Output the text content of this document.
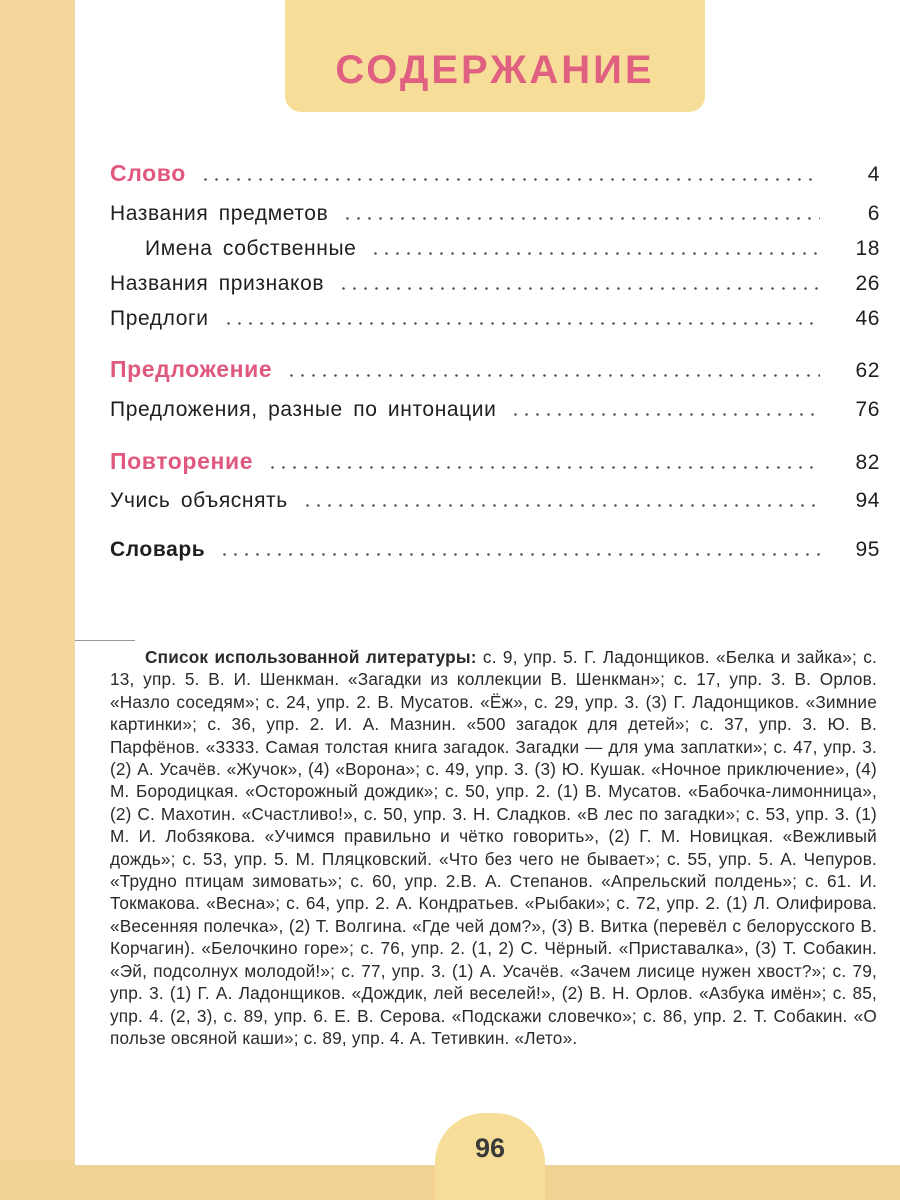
СОДЕРЖАНИЕ
Слово	4
Названия предметов	6
Имена собственные	18
Названия признаков	26
Предлоги	46
Предложение	62
Предложения, разные по интонации	76
Повторение	82
Учись объяснять	94
Словарь	95
Список использованной литературы: с. 9, упр. 5. Г. Ладонщиков. «Белка и зайка»; с. 13, упр. 5. В. И. Шенкман. «Загадки из коллекции В. Шенкман»; с. 17, упр. 3. В. Орлов. «Назло соседям»; с. 24, упр. 2. В. Мусатов. «Ёж», с. 29, упр. 3. (3) Г. Ладонщиков. «Зимние картинки»; с. 36, упр. 2. И. А. Мазнин. «500 загадок для детей»; с. 37, упр. 3. Ю. В. Парфёнов. «3333. Самая толстая книга загадок. Загадки — для ума заплатки»; с. 47, упр. 3. (2) А. Усачёв. «Жучок», (4) «Ворона»; с. 49, упр. 3. (3) Ю. Кушак. «Ночное приключение», (4) М. Бородицкая. «Осторожный дождик»; с. 50, упр. 2. (1) В. Мусатов. «Бабочка-лимонница», (2) С. Махотин. «Счастливо!», с. 50, упр. 3. Н. Сладков. «В лес по загадки»; с. 53, упр. 3. (1) М. И. Лобзякова. «Учимся правильно и чётко говорить», (2) Г. М. Новицкая. «Вежливый дождь»; с. 53, упр. 5. М. Пляцковский. «Что без чего не бывает»; с. 55, упр. 5. А. Чепуров. «Трудно птицам зимовать»; с. 60, упр. 2.В. А. Степанов. «Апрельский полдень»; с. 61. И. Токмакова. «Весна»; с. 64, упр. 2. А. Кондратьев. «Рыбаки»; с. 72, упр. 2. (1) Л. Олифирова. «Весенняя полечка», (2) Т. Волгина. «Где чей дом?», (3) В. Витка (перевёл с белорусского В. Корчагин). «Белочкино горе»; с. 76, упр. 2. (1, 2) С. Чёрный. «Приставалка», (3) Т. Собакин. «Эй, подсолнух молодой!»; с. 77, упр. 3. (1) А. Усачёв. «Зачем лисице нужен хвост?»; с. 79, упр. 3. (1) Г. А. Ладонщиков. «Дождик, лей веселей!», (2) В. Н. Орлов. «Азбука имён»; с. 85, упр. 4. (2, 3), с. 89, упр. 6. Е. В. Серова. «Подскажи словечко»; с. 86, упр. 2. Т. Собакин. «О пользе овсяной каши»; с. 89, упр. 4. А. Тетивкин. «Лето».
96
